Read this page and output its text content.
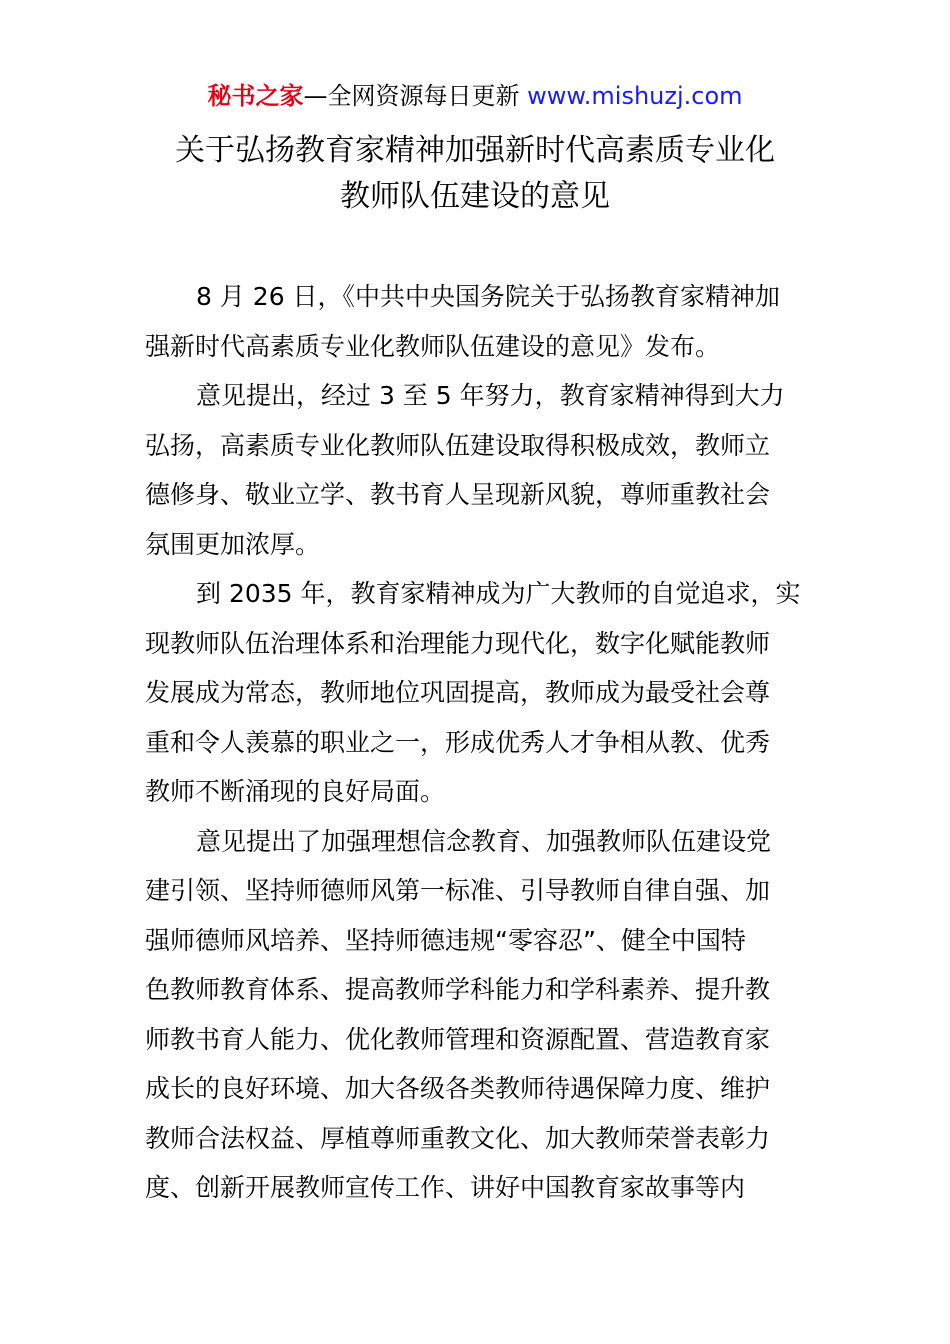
秘书之家—全网资源每日更新 www.mishuzj.com
关于弘扬教育家精神加强新时代高素质专业化
教师队伍建设的意见
8 月 26 日，《中共中央国务院关于弘扬教育家精神加
强新时代高素质专业化教师队伍建设的意见》发布。
意见提出，经过 3 至 5 年努力，教育家精神得到大力
弘扬，高素质专业化教师队伍建设取得积极成效，教师立
德修身、敬业立学、教书育人呈现新风貌，尊师重教社会
氛围更加浓厚。
到 2035 年，教育家精神成为广大教师的自觉追求，实
现教师队伍治理体系和治理能力现代化，数字化赋能教师
发展成为常态，教师地位巩固提高，教师成为最受社会尊
重和令人羡慕的职业之一，形成优秀人才争相从教、优秀
教师不断涌现的良好局面。
意见提出了加强理想信念教育、加强教师队伍建设党
建引领、坚持师德师风第一标准、引导教师自律自强、加
强师德师风培养、坚持师德违规“零容忍”、健全中国特
色教师教育体系、提高教师学科能力和学科素养、提升教
师教书育人能力、优化教师管理和资源配置、营造教育家
成长的良好环境、加大各级各类教师待遇保障力度、维护
教师合法权益、厚植尊师重教文化、加大教师荣誉表彰力
度、创新开展教师宣传工作、讲好中国教育家故事等内
